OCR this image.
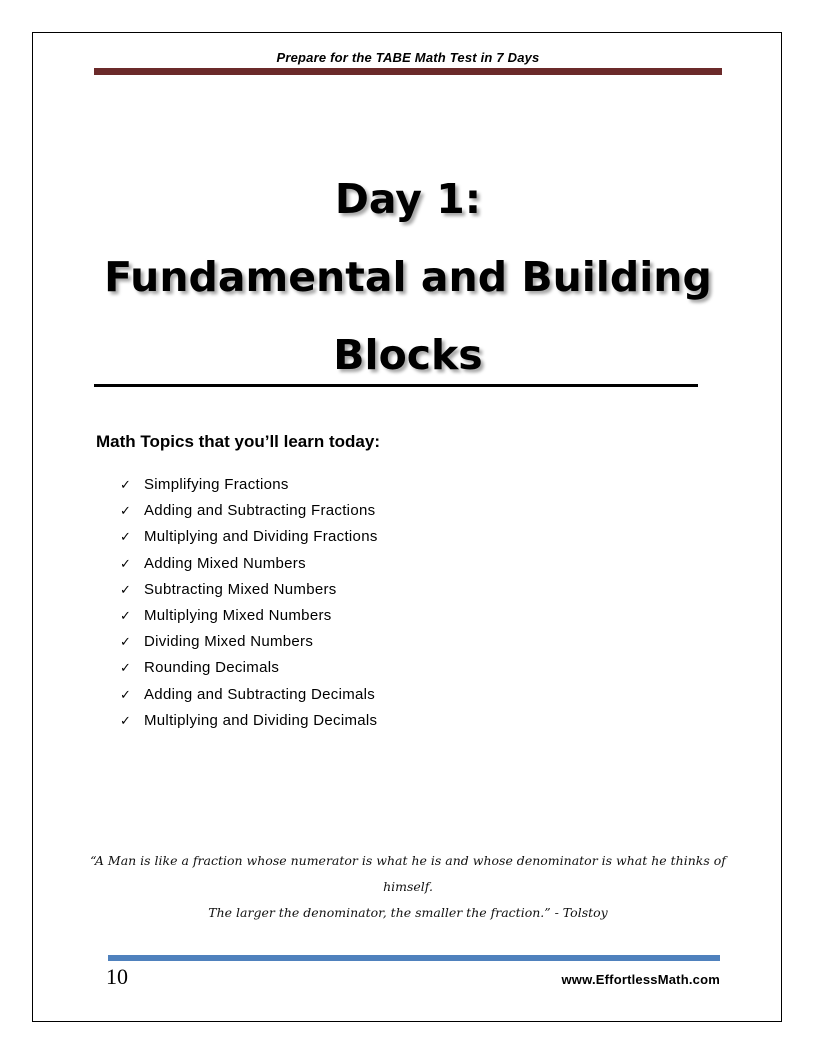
Prepare for the TABE Math Test in 7 Days
Day 1:
Fundamental and Building
Blocks
Math Topics that you’ll learn today:
✓ Simplifying Fractions
✓ Adding and Subtracting Fractions
✓ Multiplying and Dividing Fractions
✓ Adding Mixed Numbers
✓ Subtracting Mixed Numbers
✓ Multiplying Mixed Numbers
✓ Dividing Mixed Numbers
✓ Rounding Decimals
✓ Adding and Subtracting Decimals
✓ Multiplying and Dividing Decimals
“A Man is like a fraction whose numerator is what he is and whose denominator is what he thinks of himself.
The larger the denominator, the smaller the fraction.” - Tolstoy
10	www.EffortlessMath.com
